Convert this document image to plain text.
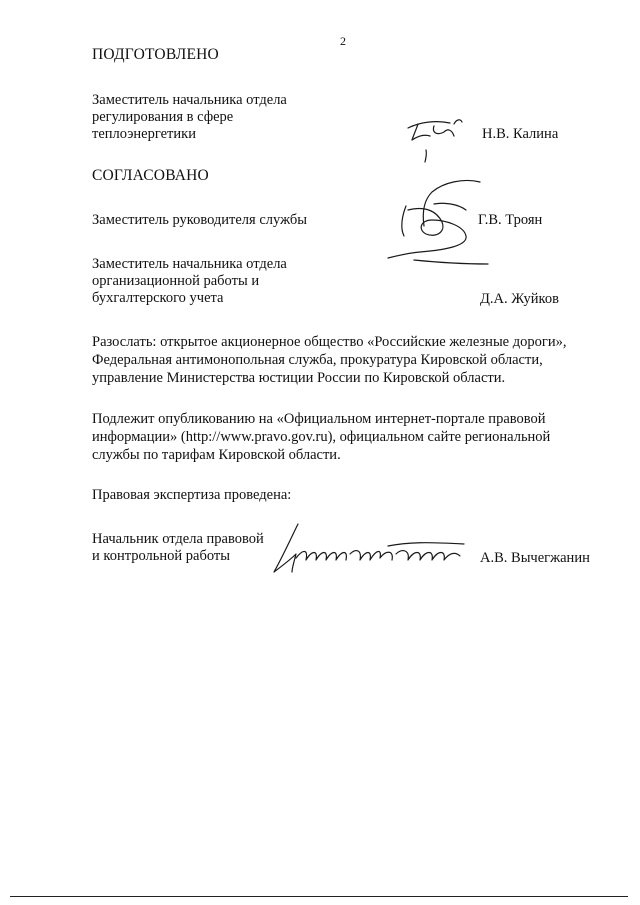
2
ПОДГОТОВЛЕНО
Заместитель начальника отдела
регулирования в сфере
теплоэнергетики	Н.В. Калина
СОГЛАСОВАНО
Заместитель руководителя службы	Г.В. Троян
Заместитель начальника отдела
организационной работы и
бухгалтерского учета	Д.А. Жуйков
Разослать: открытое акционерное общество «Российские железные дороги»,
Федеральная антимонопольная служба, прокуратура Кировской области,
управление Министерства юстиции России по Кировской области.
Подлежит опубликованию на «Официальном интернет-портале правовой
информации» (http://www.pravo.gov.ru), официальном сайте региональной
службы по тарифам Кировской области.
Правовая экспертиза проведена:
Начальник отдела правовой
и контрольной работы	А.В. Вычегжанин
